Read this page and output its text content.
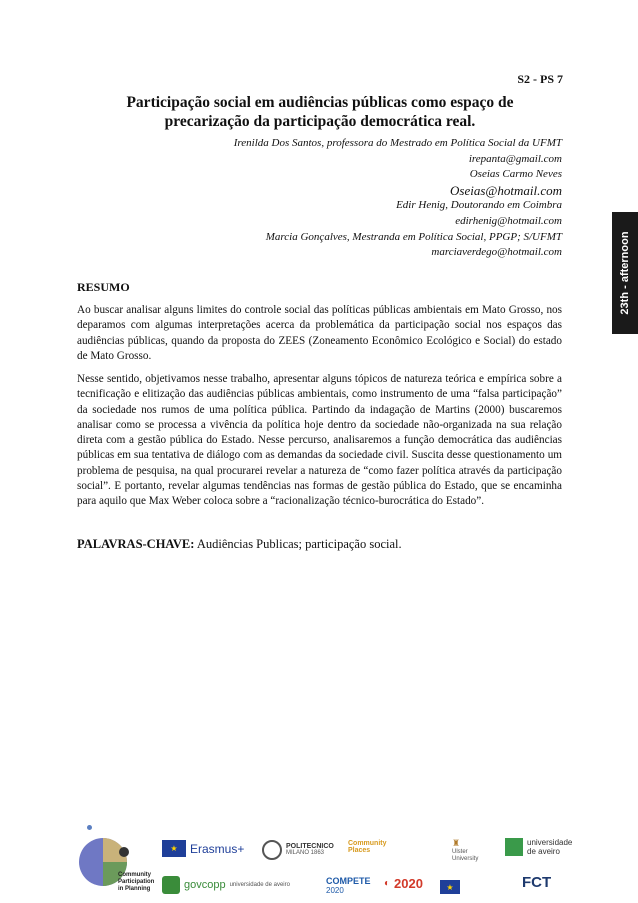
S2 - PS 7
Participação social em audiências públicas como espaço de
precarização da participação democrática real.
Irenilda Dos Santos, professora do Mestrado em Política Social da UFMT
irepanta@gmail.com
Oseias Carmo Neves
Oseias@hotmail.com
Edir Henig, Doutorando em Coimbra
edirhenig@hotmail.com
Marcia Gonçalves, Mestranda em Política Social, PPGP; S/UFMT
marciaverdego@hotmail.com	23th - afternoon
RESUMO
Ao buscar analisar alguns limites do controle social das políticas públicas ambientais em Mato Grosso, nos deparamos com algumas interpretações acerca da problemática da participação social nos espaços das audiências públicas, quando da proposta do ZEES (Zoneamento Econômico Ecológico e Social) do estado de Mato Grosso.
Nesse sentido, objetivamos nesse trabalho, apresentar alguns tópicos de natureza teórica e empírica sobre a tecnificação e elitização das audiências públicas ambientais, como instrumento de uma “falsa participação” da sociedade nos rumos de uma política pública. Partindo da indagação de Martins (2000) buscaremos analisar como se processa a vivência da política hoje dentro da sociedade não-organizada na sua relação direta com a gestão pública do Estado. Nesse percurso, analisaremos a função democrática das audiências públicas em sua tentativa de diálogo com as demandas da sociedade civil. Suscita desse questionamento um problema de pesquisa, na qual procurarei revelar a natureza de “como fazer política através da participação social”. E portanto, revelar algumas tendências nas formas de gestão pública do Estado, que se encaminha para aquilo que Max Weber coloca sobre a “racionalização técnico-burocrática do Estado”.
PALAVRAS-CHAVE: Audiências Publicas; participação social.
Community
Participation
in Planning
★	Erasmus+	POLITECNICO
MILANO 1863
Community
Places
♜
Ulster
University
universidade
de aveiro
govcopp universidade de aveiro	COMPETE
2020
◐ 2020	★	FCT
